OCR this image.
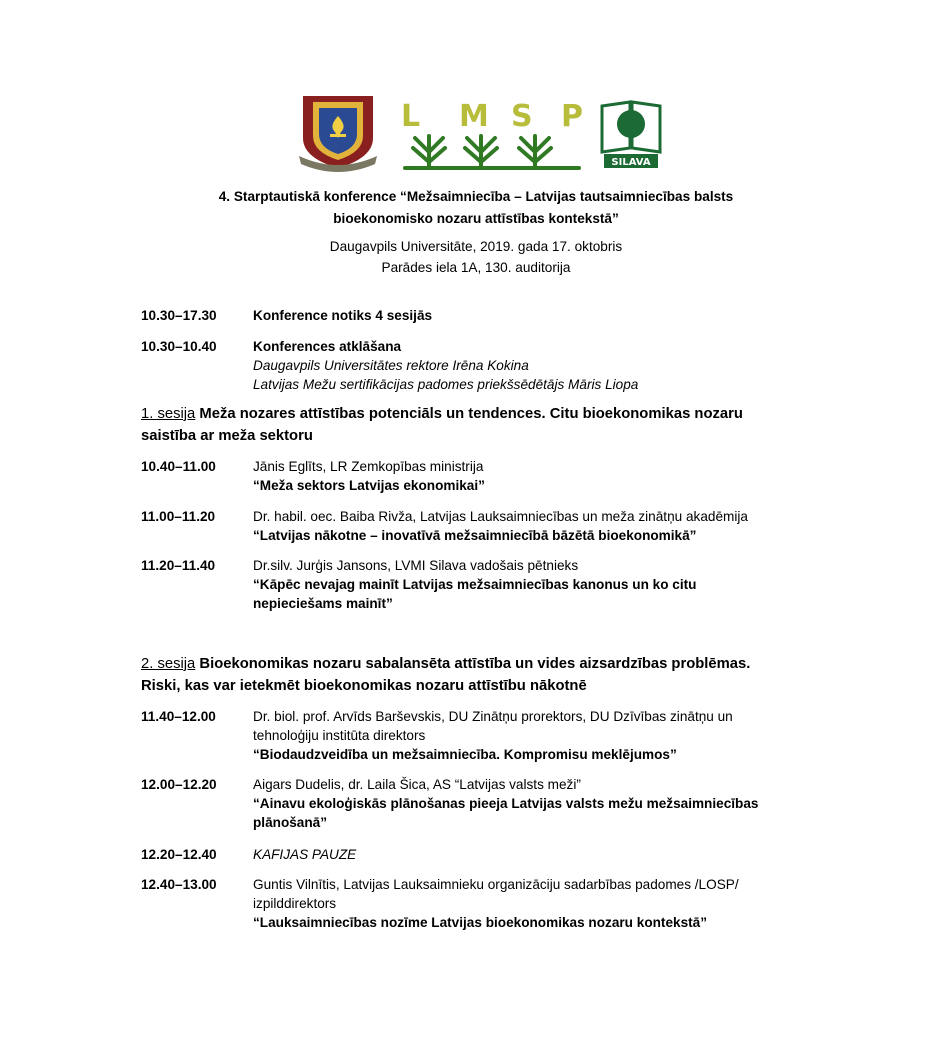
L M S P
SILAVA
4. Starptautiskā konference “Mežsaimniecība – Latvijas tautsaimniecības balsts
bioekonomisko nozaru attīstības kontekstā”
Daugavpils Universitāte, 2019. gada 17. oktobris
Parādes iela 1A, 130. auditorija
10.30–17.30	Konference notiks 4 sesijās
10.30–10.40	Konferences atklāšana
Daugavpils Universitātes rektore Irēna Kokina
Latvijas Mežu sertifikācijas padomes priekšsēdētājs Māris Liopa
1. sesija Meža nozares attīstības potenciāls un tendences. Citu bioekonomikas nozaru
saistība ar meža sektoru
10.40–11.00	Jānis Eglīts, LR Zemkopības ministrija
“Meža sektors Latvijas ekonomikai”
11.00–11.20	Dr. habil. oec. Baiba Rivža, Latvijas Lauksaimniecības un meža zinātņu akadēmija
“Latvijas nākotne – inovatīvā mežsaimniecībā bāzētā bioekonomikā”
11.20–11.40	Dr.silv. Jurģis Jansons, LVMI Silava vadošais pētnieks
“Kāpēc nevajag mainīt Latvijas mežsaimniecības kanonus un ko citu
nepieciešams mainīt”
2. sesija Bioekonomikas nozaru sabalansēta attīstība un vides aizsardzības problēmas.
Riski, kas var ietekmēt bioekonomikas nozaru attīstību nākotnē
11.40–12.00	Dr. biol. prof. Arvīds Barševskis, DU Zinātņu prorektors, DU Dzīvības zinātņu un
tehnoloģiju institūta direktors
“Biodaudzveidība un mežsaimniecība. Kompromisu meklējumos”
12.00–12.20	Aigars Dudelis, dr. Laila Šica, AS “Latvijas valsts meži”
“Ainavu ekoloģiskās plānošanas pieeja Latvijas valsts mežu mežsaimniecības
plānošanā”
12.20–12.40	KAFIJAS PAUZE
12.40–13.00	Guntis Vilnītis, Latvijas Lauksaimnieku organizāciju sadarbības padomes /LOSP/
izpilddirektors
“Lauksaimniecības nozīme Latvijas bioekonomikas nozaru kontekstā”
